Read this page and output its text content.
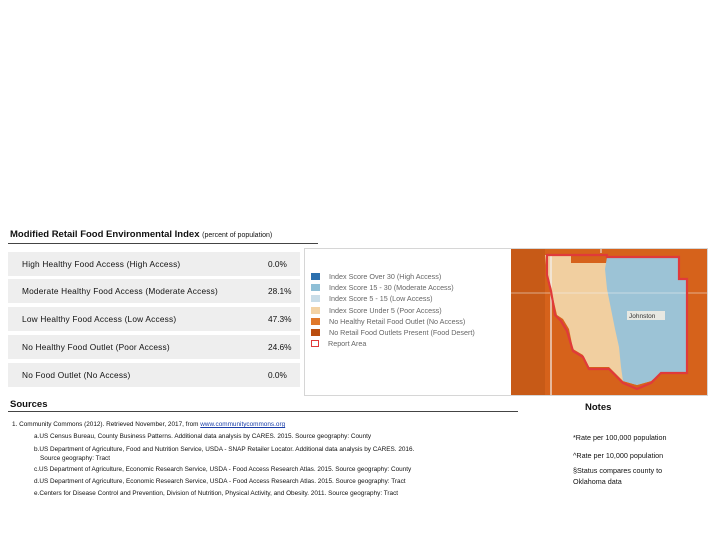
Modified Retail Food Environmental Index (percent of population)
High Healthy Food Access (High Access)	0.0%
Moderate Healthy Food Access (Moderate Access)	28.1%
Low Healthy Food Access (Low Access)	47.3%
No Healthy Food Outlet (Poor Access)	24.6%
No Food Outlet (No Access)	0.0%
Index Score Over 30 (High Access)
Index Score 15 - 30 (Moderate Access)
Index Score 5 - 15 (Low Access)
Index Score Under 5 (Poor Access)
No Healthy Retail Food Outlet (No Access)
No Retail Food Outlets Present (Food Desert)
Report Area
Johnston
Sources	Notes
1. Community Commons (2012). Retrieved November, 2017, from www.communitycommons.org
a.US Census Bureau, County Business Patterns. Additional data analysis by CARES. 2015. Source geography: County
b.US Department of Agriculture, Food and Nutrition Service, USDA - SNAP Retailer Locator. Additional data analysis by CARES. 2016.
Source geography: Tract
c.US Department of Agriculture, Economic Research Service, USDA - Food Access Research Atlas. 2015. Source geography: County
d.US Department of Agriculture, Economic Research Service, USDA - Food Access Research Atlas. 2015. Source geography: Tract
e.Centers for Disease Control and Prevention, Division of Nutrition, Physical Activity, and Obesity. 2011. Source geography: Tract
*Rate per 100,000 population
^Rate per 10,000 population
§Status compares county to
Oklahoma data
